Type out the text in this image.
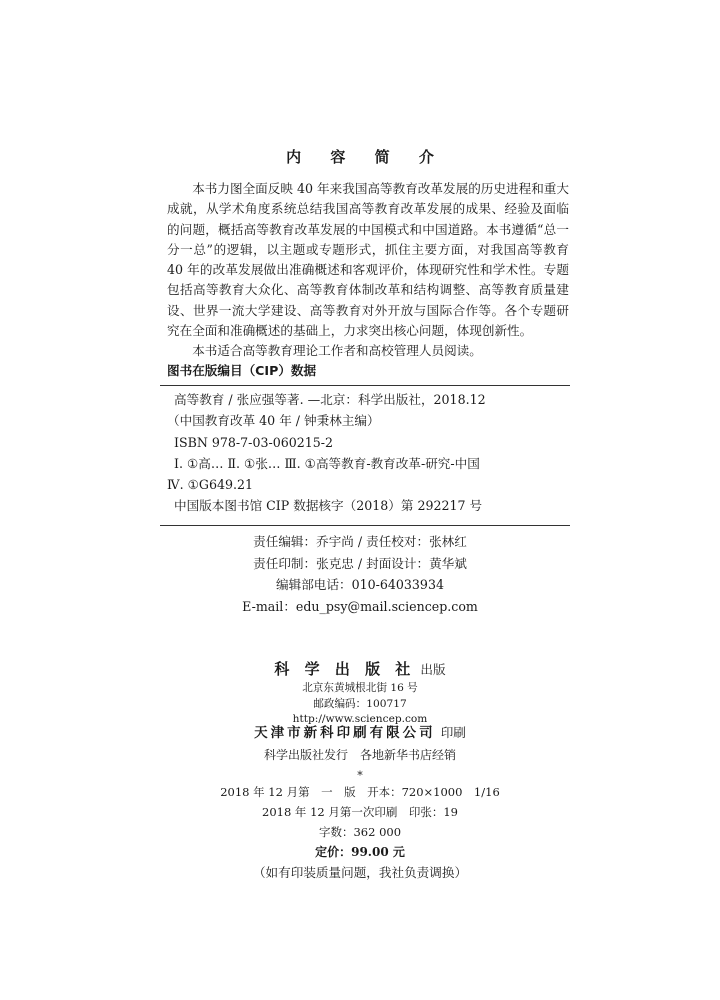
内 容 简 介

本书力图全面反映 40 年来我国高等教育改革发展的历史进程和重大成就，从学术角度系统总结我国高等教育改革发展的成果、经验及面临的问题，概括高等教育改革发展的中国模式和中国道路。本书遵循“总一分一总”的逻辑，以主题或专题形式，抓住主要方面，对我国高等教育 40 年的改革发展做出准确概述和客观评价，体现研究性和学术性。专题包括高等教育大众化、高等教育体制改革和结构调整、高等教育质量建设、世界一流大学建设、高等教育对外开放与国际合作等。各个专题研究在全面和准确概述的基础上，力求突出核心问题，体现创新性。

本书适合高等教育理论工作者和高校管理人员阅读。

图书在版编目（CIP）数据
高等教育 / 张应强等著. —北京：科学出版社，2018.12
（中国教育改革 40 年 / 钟秉林主编）
ISBN 978-7-03-060215-2
Ⅰ. ①高… Ⅱ. ①张… Ⅲ. ①高等教育-教育改革-研究-中国
Ⅳ. ①G649.21
中国版本图书馆 CIP 数据核字（2018）第 292217 号
责任编辑：乔宇尚 / 责任校对：张林红
责任印制：张克忠 / 封面设计：黄华斌
编辑部电话：010-64033934
E-mail：edu_psy@mail.sciencep.com
科 学 出 版 社 出版
北京东黄城根北街 16 号
邮政编码：100717
http://www.sciencep.com
天津市新科印刷有限公司 印刷
科学出版社发行　各地新华书店经销
*
2018 年 12 月第　一　版　开本：720×1000　1/16
2018 年 12 月第一次印刷　印张：19
字数：362 000
定价：99.00 元
（如有印装质量问题，我社负责调换）
